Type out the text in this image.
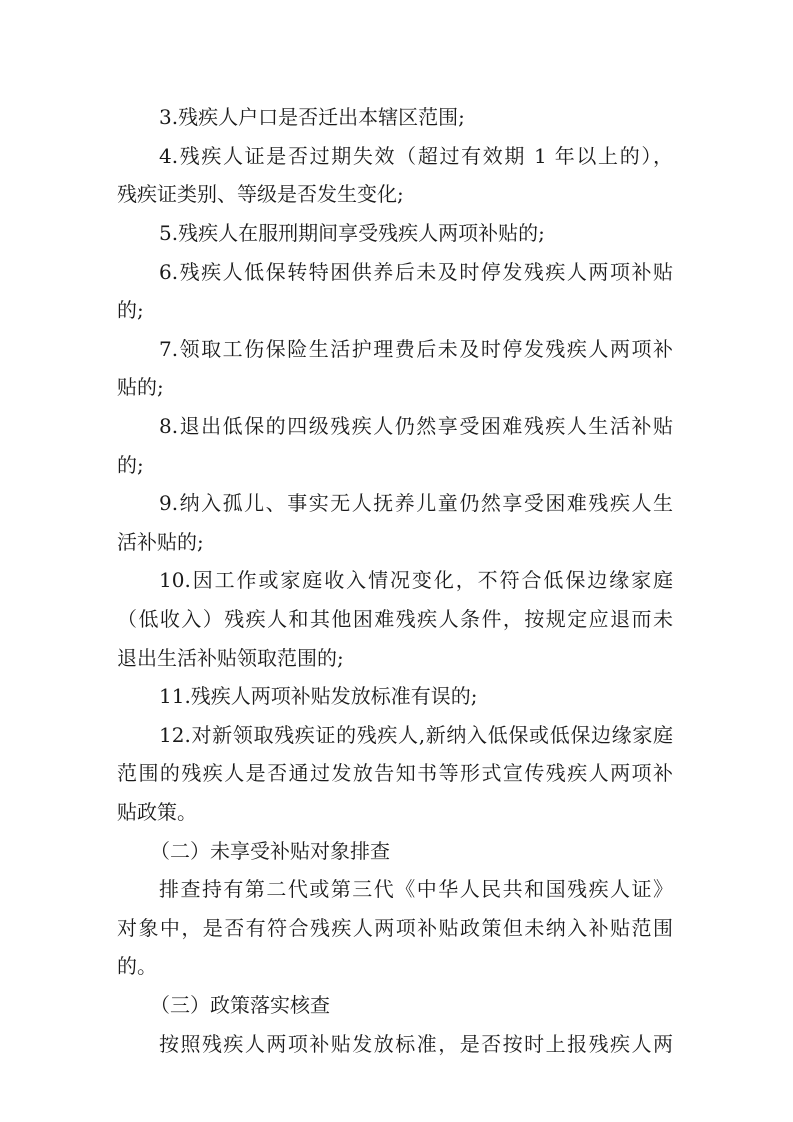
3.残疾人户口是否迁出本辖区范围;

4.残疾人证是否过期失效（超过有效期 1 年以上的），

残疾证类别、等级是否发生变化;

5.残疾人在服刑期间享受残疾人两项补贴的;

6.残疾人低保转特困供养后未及时停发残疾人两项补贴

的;

7.领取工伤保险生活护理费后未及时停发残疾人两项补

贴的;

8.退出低保的四级残疾人仍然享受困难残疾人生活补贴

的;

9.纳入孤儿、事实无人抚养儿童仍然享受困难残疾人生

活补贴的;

10.因工作或家庭收入情况变化，不符合低保边缘家庭

（低收入）残疾人和其他困难残疾人条件，按规定应退而未

退出生活补贴领取范围的;

11.残疾人两项补贴发放标准有误的;

12.对新领取残疾证的残疾人,新纳入低保或低保边缘家庭

范围的残疾人是否通过发放告知书等形式宣传残疾人两项补

贴政策。

（二）未享受补贴对象排查

排查持有第二代或第三代《中华人民共和国残疾人证》

对象中，是否有符合残疾人两项补贴政策但未纳入补贴范围

的。

（三）政策落实核查

按照残疾人两项补贴发放标准，是否按时上报残疾人两
